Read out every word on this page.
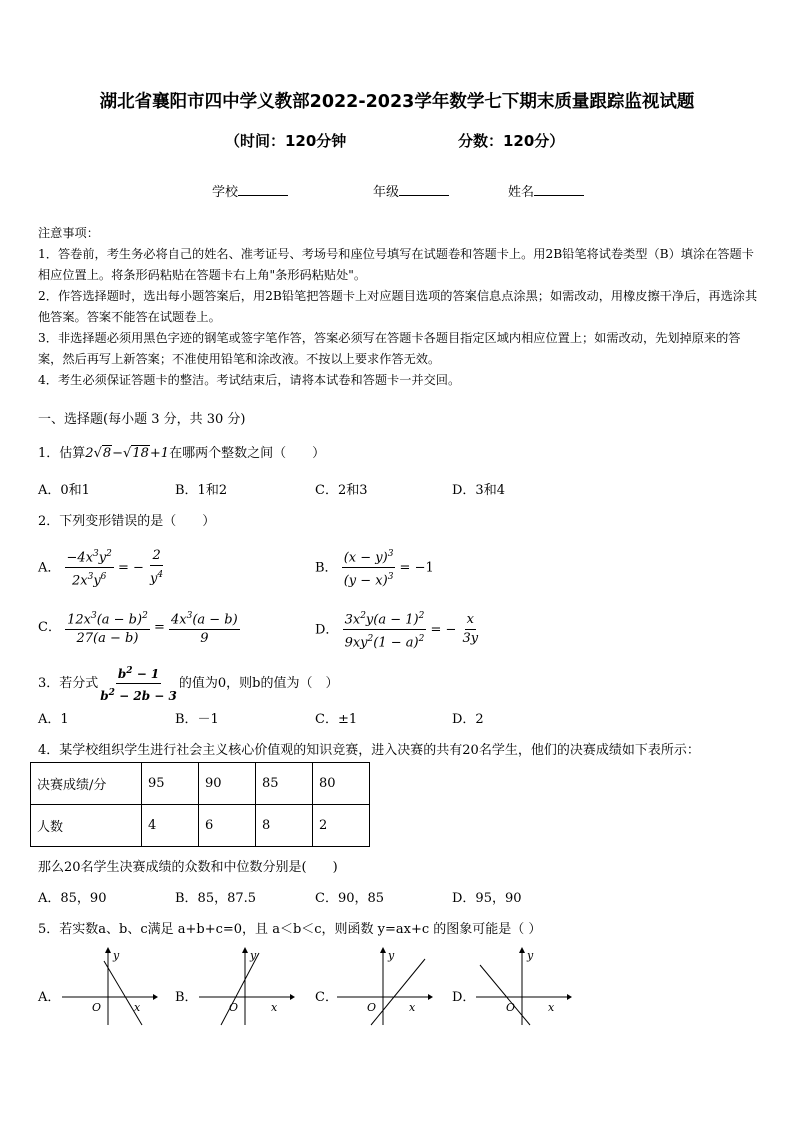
湖北省襄阳市四中学义教部2022-2023学年数学七下期末质量跟踪监视试题
（时间：120分钟	分数：120分）
学校	年级	姓名

注意事项：

1．答卷前，考生务必将自己的姓名、准考证号、考场号和座位号填写在试题卷和答题卡上。用2B铅笔将试卷类型（B）填涂在答题卡相应位置上。将条形码粘贴在答题卡右上角"条形码粘贴处"。

2．作答选择题时，选出每小题答案后，用2B铅笔把答题卡上对应题目选项的答案信息点涂黑；如需改动，用橡皮擦干净后，再选涂其他答案。答案不能答在试题卷上。

3．非选择题必须用黑色字迹的钢笔或签字笔作答，答案必须写在答题卡各题目指定区域内相应位置上；如需改动，先划掉原来的答案，然后再写上新答案；不准使用铅笔和涂改液。不按以上要求作答无效。

4．考生必须保证答题卡的整洁。考试结束后，请将本试卷和答题卡一并交回。

一、选择题(每小题 3 分，共 30 分)
1．估算2√8−√18+1在哪两个整数之间（　　）
A．0和1	B．1和2	C．2和3	D．3和4
2．下列变形错误的是（　　）
A． $\frac{-4x^3y^2}{2x^3y^6}$ = − $\frac{2}{y^4}$	B． $\frac{(x - y)^3}{(y - x)^3} = -1$
C． $\frac{12x^3(a - b)^2}{27(a - b)} = \frac{4x^3(a - b)}{9}$	D． $\frac{3x^2y(a - 1)^2}{9xy^2(1 - a)^2}$ = − $\frac{x}{3y}$
3．若分式 $\frac{b^2 - 1}{b^2 - 2b - 3}$ 的值为0，则b的值为（　）
A．1	B．－1	C．±1	D．2
4．某学校组织学生进行社会主义核心价值观的知识竞赛，进入决赛的共有20名学生，他们的决赛成绩如下表所示：
决赛成绩/分	95	90	85	80
人数	4	6	8	2
那么20名学生决赛成绩的众数和中位数分别是(　　)
A．85，90	B．85，87.5	C．90，85	D．95，90
5．若实数a、b、c满足 a+b+c=0，且 a＜b＜c，则函数 y=ax+c 的图象可能是（ ）
A．
y
x
O
B．
y
x
O
C．
y
x
O
D．
y
x
O
